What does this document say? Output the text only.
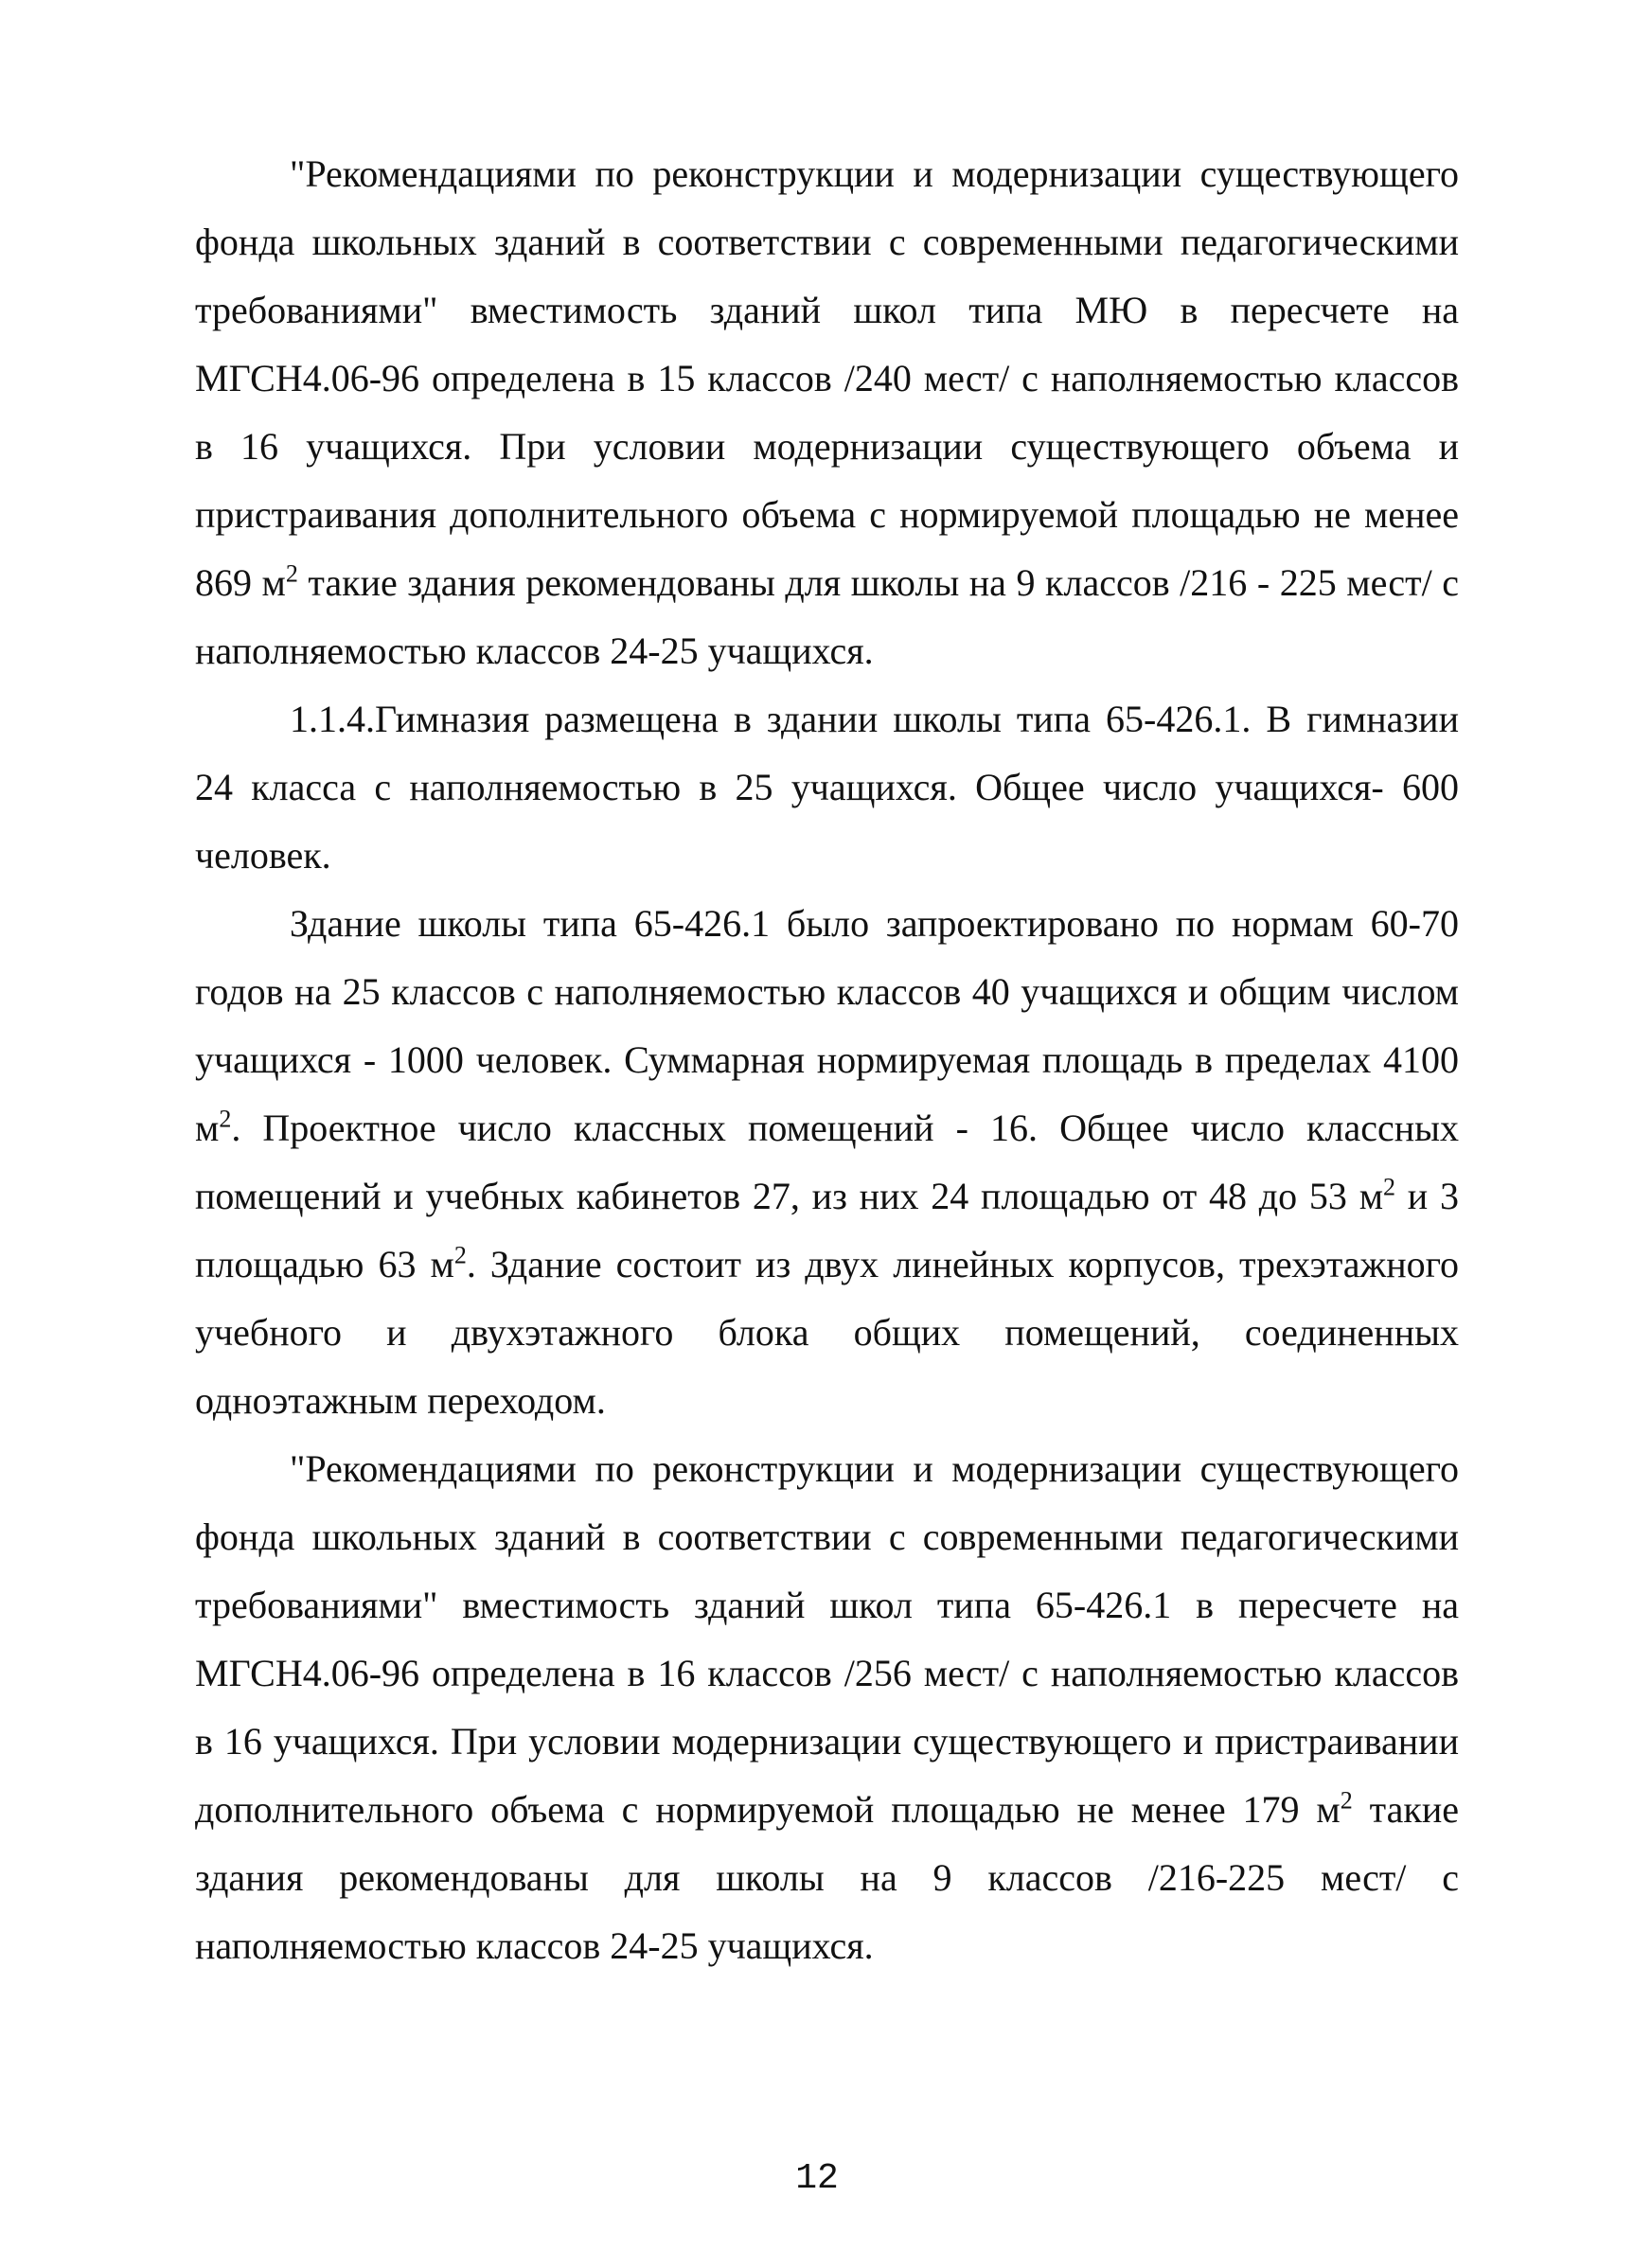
"Рекомендациями по реконструкции и модернизации существующего фонда школьных зданий в соответствии с современными педагогическими требованиями" вместимость зданий школ типа МЮ в пересчете на МГСН4.06-96 определена в 15 классов /240 мест/ с наполняемостью классов в 16 учащихся. При условии модернизации существующего объема и пристраивания дополнительного объема с нормируемой площадью не менее 869 $м^2$ такие здания рекомендованы для школы на 9 классов /216 - 225 мест/ с наполняемостью классов 24-25 учащихся.

1.1.4.Гимназия размещена в здании школы типа 65-426.1. В гимназии 24 класса с наполняемостью в 25 учащихся. Общее число учащихся- 600 человек.

Здание школы типа 65-426.1 было запроектировано по нормам 60-70 годов на 25 классов с наполняемостью классов 40 учащихся и общим числом учащихся - 1000 человек. Суммарная нормируемая площадь в пределах 4100 $м^2$. Проектное число классных помещений - 16. Общее число классных помещений и учебных кабинетов 27, из них 24 площадью от 48 до 53 $м^2$ и 3 площадью 63 $м^2$. Здание состоит из двух линейных корпусов, трехэтажного учебного и двухэтажного блока общих помещений, соединенных одноэтажным переходом.

"Рекомендациями по реконструкции и модернизации существующего фонда школьных зданий в соответствии с современными педагогическими требованиями" вместимость зданий школ типа 65-426.1 в пересчете на МГСН4.06-96 определена в 16 классов /256 мест/ с наполняемостью классов в 16 учащихся. При условии модернизации существующего и пристраивании дополнительного объема с нормируемой площадью не менее 179 $м^2$ такие здания рекомендованы для школы на 9 классов /216-225 мест/ с наполняемостью классов 24-25 учащихся.

12
